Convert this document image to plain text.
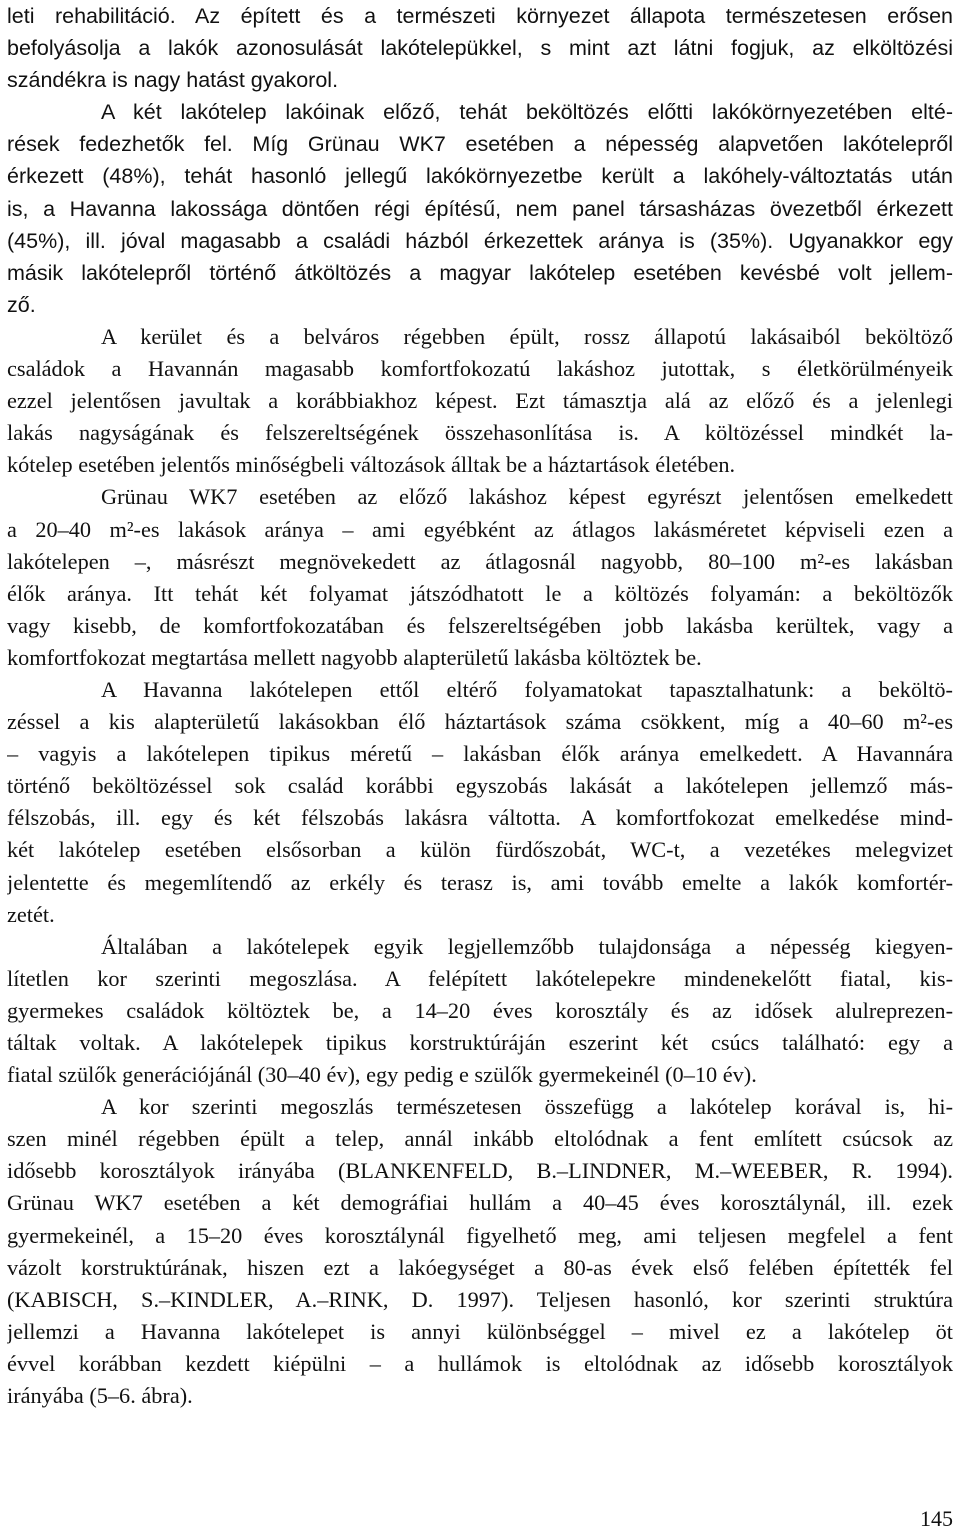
leti rehabilitáció. Az épített és a természeti környezet állapota természetesen erősen
befolyásolja a lakók azonosulását lakótelepükkel, s mint azt látni fogjuk, az elköltözési
szándékra is nagy hatást gyakorol.
A két lakótelep lakóinak előző, tehát beköltözés előtti lakókörnyezetében elté-
rések fedezhetők fel. Míg Grünau WK7 esetében a népesség alapvetően lakótelepről
érkezett (48%), tehát hasonló jellegű lakókörnyezetbe került a lakóhely-változtatás után
is, a Havanna lakossága döntően régi építésű, nem panel társasházas övezetből érkezett
(45%), ill. jóval magasabb a családi házból érkezettek aránya is (35%). Ugyanakkor egy
másik lakótelepről történő átköltözés a magyar lakótelep esetében kevésbé volt jellem-
ző.
A kerület és a belváros régebben épült, rossz állapotú lakásaiból beköltöző
családok a Havannán magasabb komfortfokozatú lakáshoz jutottak, s életkörülményeik
ezzel jelentősen javultak a korábbiakhoz képest. Ezt támasztja alá az előző és a jelenlegi
lakás nagyságának és felszereltségének összehasonlítása is. A költözéssel mindkét la-
kótelep esetében jelentős minőségbeli változások álltak be a háztartások életében.
Grünau WK7 esetében az előző lakáshoz képest egyrészt jelentősen emelkedett
a 20–40 m²-es lakások aránya – ami egyébként az átlagos lakásméretet képviseli ezen a
lakótelepen –, másrészt megnövekedett az átlagosnál nagyobb, 80–100 m²-es lakásban
élők aránya. Itt tehát két folyamat játszódhatott le a költözés folyamán: a beköltözők
vagy kisebb, de komfortfokozatában és felszereltségében jobb lakásba kerültek, vagy a
komfortfokozat megtartása mellett nagyobb alapterületű lakásba költöztek be.
A Havanna lakótelepen ettől eltérő folyamatokat tapasztalhatunk: a beköltö-
zéssel a kis alapterületű lakásokban élő háztartások száma csökkent, míg a 40–60 m²-es
– vagyis a lakótelepen tipikus méretű – lakásban élők aránya emelkedett. A Havannára
történő beköltözéssel sok család korábbi egyszobás lakását a lakótelepen jellemző más-
félszobás, ill. egy és két félszobás lakásra váltotta. A komfortfokozat emelkedése mind-
két lakótelep esetében elsősorban a külön fürdőszobát, WC-t, a vezetékes melegvizet
jelentette és megemlítendő az erkély és terasz is, ami tovább emelte a lakók komfortér-
zetét.
Általában a lakótelepek egyik legjellemzőbb tulajdonsága a népesség kiegyen-
lítetlen kor szerinti megoszlása. A felépített lakótelepekre mindenekelőtt fiatal, kis-
gyermekes családok költöztek be, a 14–20 éves korosztály és az idősek alulreprezen-
táltak voltak. A lakótelepek tipikus korstruktúráján eszerint két csúcs található: egy a
fiatal szülők generációjánál (30–40 év), egy pedig e szülők gyermekeinél (0–10 év).
A kor szerinti megoszlás természetesen összefügg a lakótelep korával is, hi-
szen minél régebben épült a telep, annál inkább eltolódnak a fent említett csúcsok az
idősebb korosztályok irányába (BLANKENFELD, B.–LINDNER, M.–WEEBER, R. 1994).
Grünau WK7 esetében a két demográfiai hullám a 40–45 éves korosztálynál, ill. ezek
gyermekeinél, a 15–20 éves korosztálynál figyelhető meg, ami teljesen megfelel a fent
vázolt korstruktúrának, hiszen ezt a lakóegységet a 80-as évek első felében építették fel
(KABISCH, S.–KINDLER, A.–RINK, D. 1997). Teljesen hasonló, kor szerinti struktúra
jellemzi a Havanna lakótelepet is annyi különbséggel – mivel ez a lakótelep öt
évvel korábban kezdett kiépülni – a hullámok is eltolódnak az idősebb korosztályok
irányába (5–6. ábra).
145
